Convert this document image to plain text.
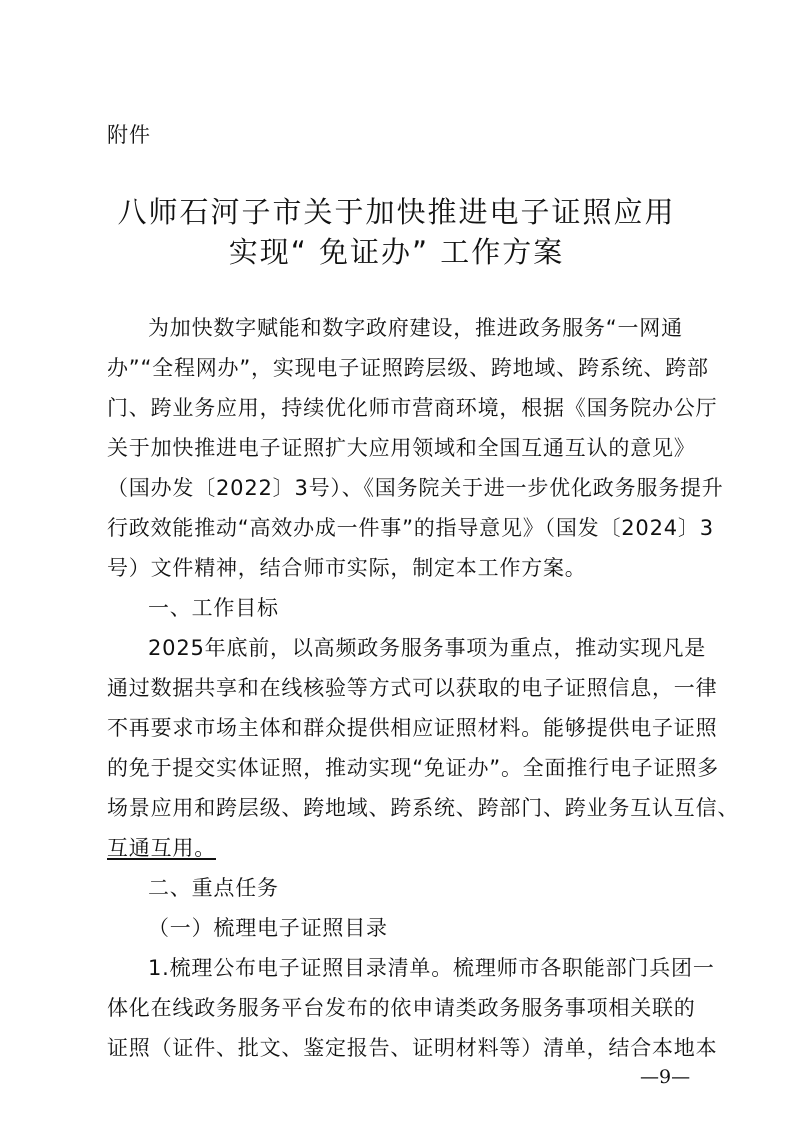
附件
八师石河子市关于加快推进电子证照应用
实现“ 免证办” 工作方案
为加快数字赋能和数字政府建设，推进政务服务“一网通
办”“全程网办”，实现电子证照跨层级、跨地域、跨系统、跨部
门、跨业务应用，持续优化师市营商环境，根据《国务院办公厅
关于加快推进电子证照扩大应用领域和全国互通互认的意见》
（国办发〔2022〕3号）、《国务院关于进一步优化政务服务提升
行政效能推动“高效办成一件事”的指导意见》（国发〔2024〕3
号）文件精神，结合师市实际，制定本工作方案。
一、工作目标
2025年底前，以高频政务服务事项为重点，推动实现凡是
通过数据共享和在线核验等方式可以获取的电子证照信息，一律
不再要求市场主体和群众提供相应证照材料。能够提供电子证照
的免于提交实体证照，推动实现“免证办”。全面推行电子证照多
场景应用和跨层级、跨地域、跨系统、跨部门、跨业务互认互信、
互通互用。
二、重点任务
（一）梳理电子证照目录
1.梳理公布电子证照目录清单。梳理师市各职能部门兵团一
体化在线政务服务平台发布的依申请类政务服务事项相关联的
证照（证件、批文、鉴定报告、证明材料等）清单，结合本地本
—9—
